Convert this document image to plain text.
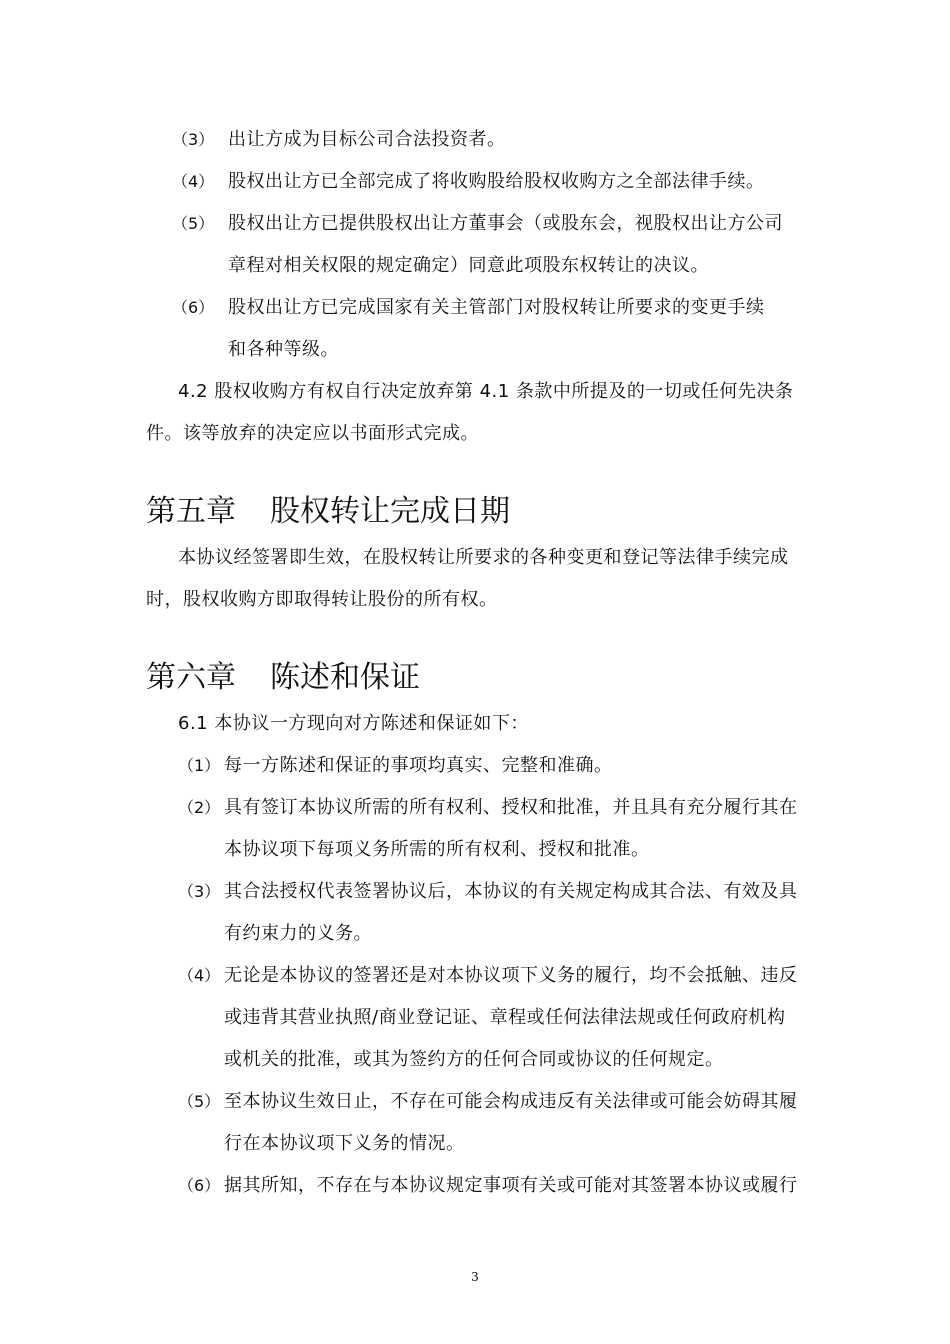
（3） 出让方成为目标公司合法投资者。
（4） 股权出让方已全部完成了将收购股给股权收购方之全部法律手续。
（5） 股权出让方已提供股权出让方董事会（或股东会，视股权出让方公司
章程对相关权限的规定确定）同意此项股东权转让的决议。
（6） 股权出让方已完成国家有关主管部门对股权转让所要求的变更手续
和各种等级。
4.2 股权收购方有权自行决定放弃第 4.1 条款中所提及的一切或任何先决条
件。该等放弃的决定应以书面形式完成。
第五章 股权转让完成日期
本协议经签署即生效，在股权转让所要求的各种变更和登记等法律手续完成
时，股权收购方即取得转让股份的所有权。
第六章 陈述和保证
6.1 本协议一方现向对方陈述和保证如下：
（1） 每一方陈述和保证的事项均真实、完整和准确。
（2） 具有签订本协议所需的所有权利、授权和批准，并且具有充分履行其在
本协议项下每项义务所需的所有权利、授权和批准。
（3） 其合法授权代表签署协议后，本协议的有关规定构成其合法、有效及具
有约束力的义务。
（4） 无论是本协议的签署还是对本协议项下义务的履行，均不会抵触、违反
或违背其营业执照/商业登记证、章程或任何法律法规或任何政府机构
或机关的批准，或其为签约方的任何合同或协议的任何规定。
（5） 至本协议生效日止，不存在可能会构成违反有关法律或可能会妨碍其履
行在本协议项下义务的情况。
（6） 据其所知，不存在与本协议规定事项有关或可能对其签署本协议或履行
3
